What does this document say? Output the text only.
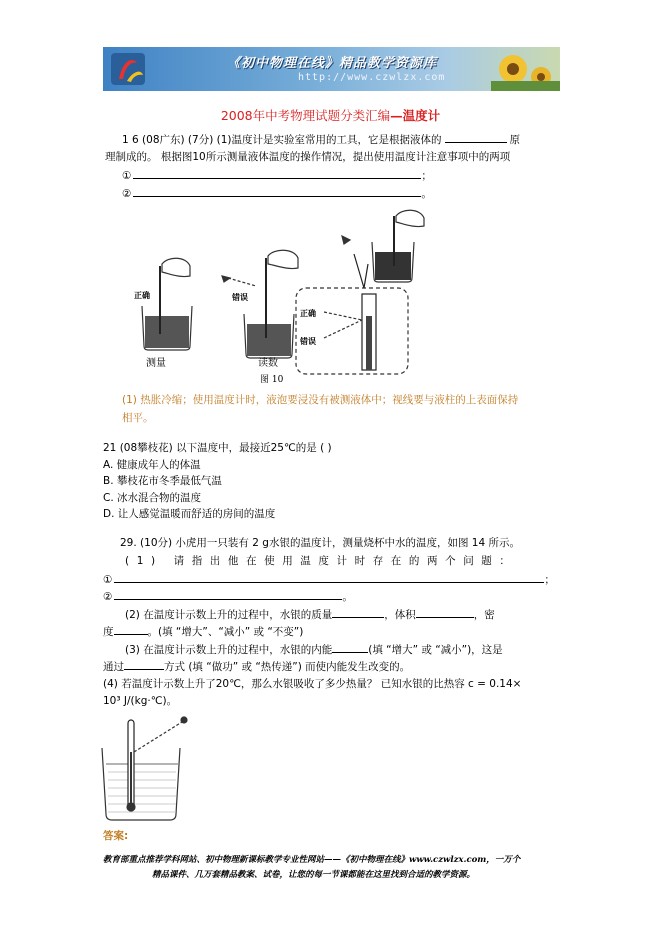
《初中物理在线》精品教学资源库
http://www.czwlzx.com
2008年中考物理试题分类汇编—温度计
1 6 (08广东) (7分) (1)温度计是实验室常用的工具，它是根据液体的	原
理制成的。 根据图10所示测量液体温度的操作情况，提出使用温度计注意事项中的两项
①	；
②	。
正确	错误
正确
错误
测量	读数
图 10
(1) 热胀冷缩；使用温度计时，液泡要浸没有被测液体中；视线要与液柱的上表面保持
相平。
21 (08攀枝花) 以下温度中，最接近25℃的是 ( )
A. 健康成年人的体温
B. 攀枝花市冬季最低气温
C. 冰水混合物的温度
D. 让人感觉温暖而舒适的房间的温度
29. (10分) 小虎用一只装有 2 g水银的温度计，测量烧杯中水的温度，如图 14 所示。
(1) 请指出他在使用温度计时存在的两个问题：
①	；
②	。
(2) 在温度计示数上升的过程中，水银的质量	，体积	，密
度	。(填 “增大”、“减小” 或 “不变”)
(3) 在温度计示数上升的过程中，水银的内能	(填 “增大” 或 “减小”)，这是
通过	方式 (填 “做功” 或 “热传递”) 而使内能发生改变的。
(4) 若温度计示数上升了20℃，那么水银吸收了多少热量？ 已知水银的比热容 c = 0.14×
10³ J/(kg·℃)。
答案:
教育部重点推荐学科网站、初中物理新课标教学专业性网站——《初中物理在线》www.czwlzx.com，一万个
精品课件、几万套精品教案、试卷，让您的每一节课都能在这里找到合适的教学资源。
